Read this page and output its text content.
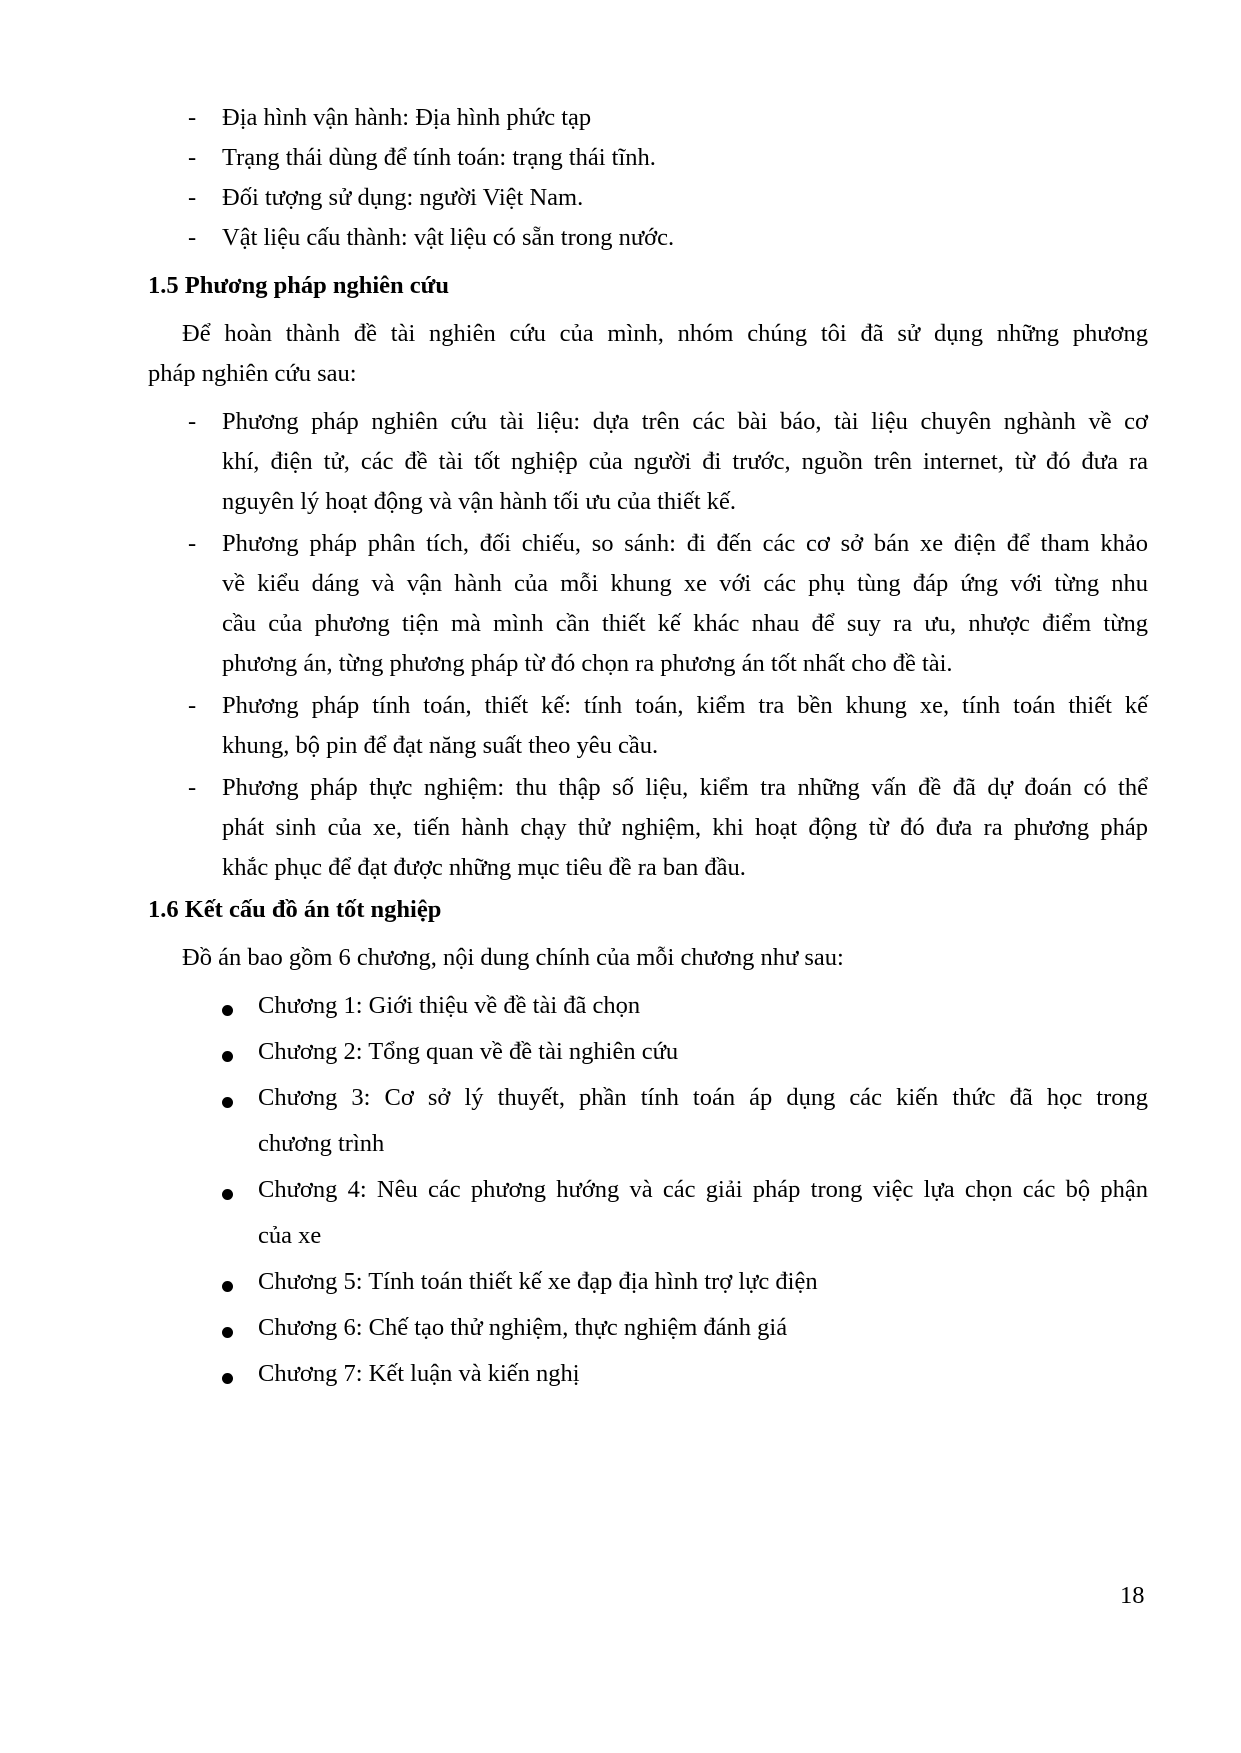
- Địa hình vận hành: Địa hình phức tạp
- Trạng thái dùng để tính toán: trạng thái tĩnh.
- Đối tượng sử dụng: người Việt Nam.
- Vật liệu cấu thành: vật liệu có sẵn trong nước.
1.5 Phương pháp nghiên cứu
Để hoàn thành đề tài nghiên cứu của mình, nhóm chúng tôi đã sử dụng những phương
pháp nghiên cứu sau:
- Phương pháp nghiên cứu tài liệu: dựa trên các bài báo, tài liệu chuyên nghành về cơ
khí, điện tử, các đề tài tốt nghiệp của người đi trước, nguồn trên internet, từ đó đưa ra
nguyên lý hoạt động và vận hành tối ưu của thiết kế.
- Phương pháp phân tích, đối chiếu, so sánh: đi đến các cơ sở bán xe điện để tham khảo
về kiểu dáng và vận hành của mỗi khung xe với các phụ tùng đáp ứng với từng nhu
cầu của phương tiện mà mình cần thiết kế khác nhau để suy ra ưu, nhược điểm từng
phương án, từng phương pháp từ đó chọn ra phương án tốt nhất cho đề tài.
- Phương pháp tính toán, thiết kế: tính toán, kiểm tra bền khung xe, tính toán thiết kế
khung, bộ pin để đạt năng suất theo yêu cầu.
- Phương pháp thực nghiệm: thu thập số liệu, kiểm tra những vấn đề đã dự đoán có thể
phát sinh của xe, tiến hành chạy thử nghiệm, khi hoạt động từ đó đưa ra phương pháp
khắc phục để đạt được những mục tiêu đề ra ban đầu.
1.6 Kết cấu đồ án tốt nghiệp
Đồ án bao gồm 6 chương, nội dung chính của mỗi chương như sau:
Chương 1: Giới thiệu về đề tài đã chọn
Chương 2: Tổng quan về đề tài nghiên cứu
Chương 3: Cơ sở lý thuyết, phần tính toán áp dụng các kiến thức đã học trong
chương trình
Chương 4: Nêu các phương hướng và các giải pháp trong việc lựa chọn các bộ phận
của xe
Chương 5: Tính toán thiết kế xe đạp địa hình trợ lực điện
Chương 6: Chế tạo thử nghiệm, thực nghiệm đánh giá
Chương 7: Kết luận và kiến nghị
18
